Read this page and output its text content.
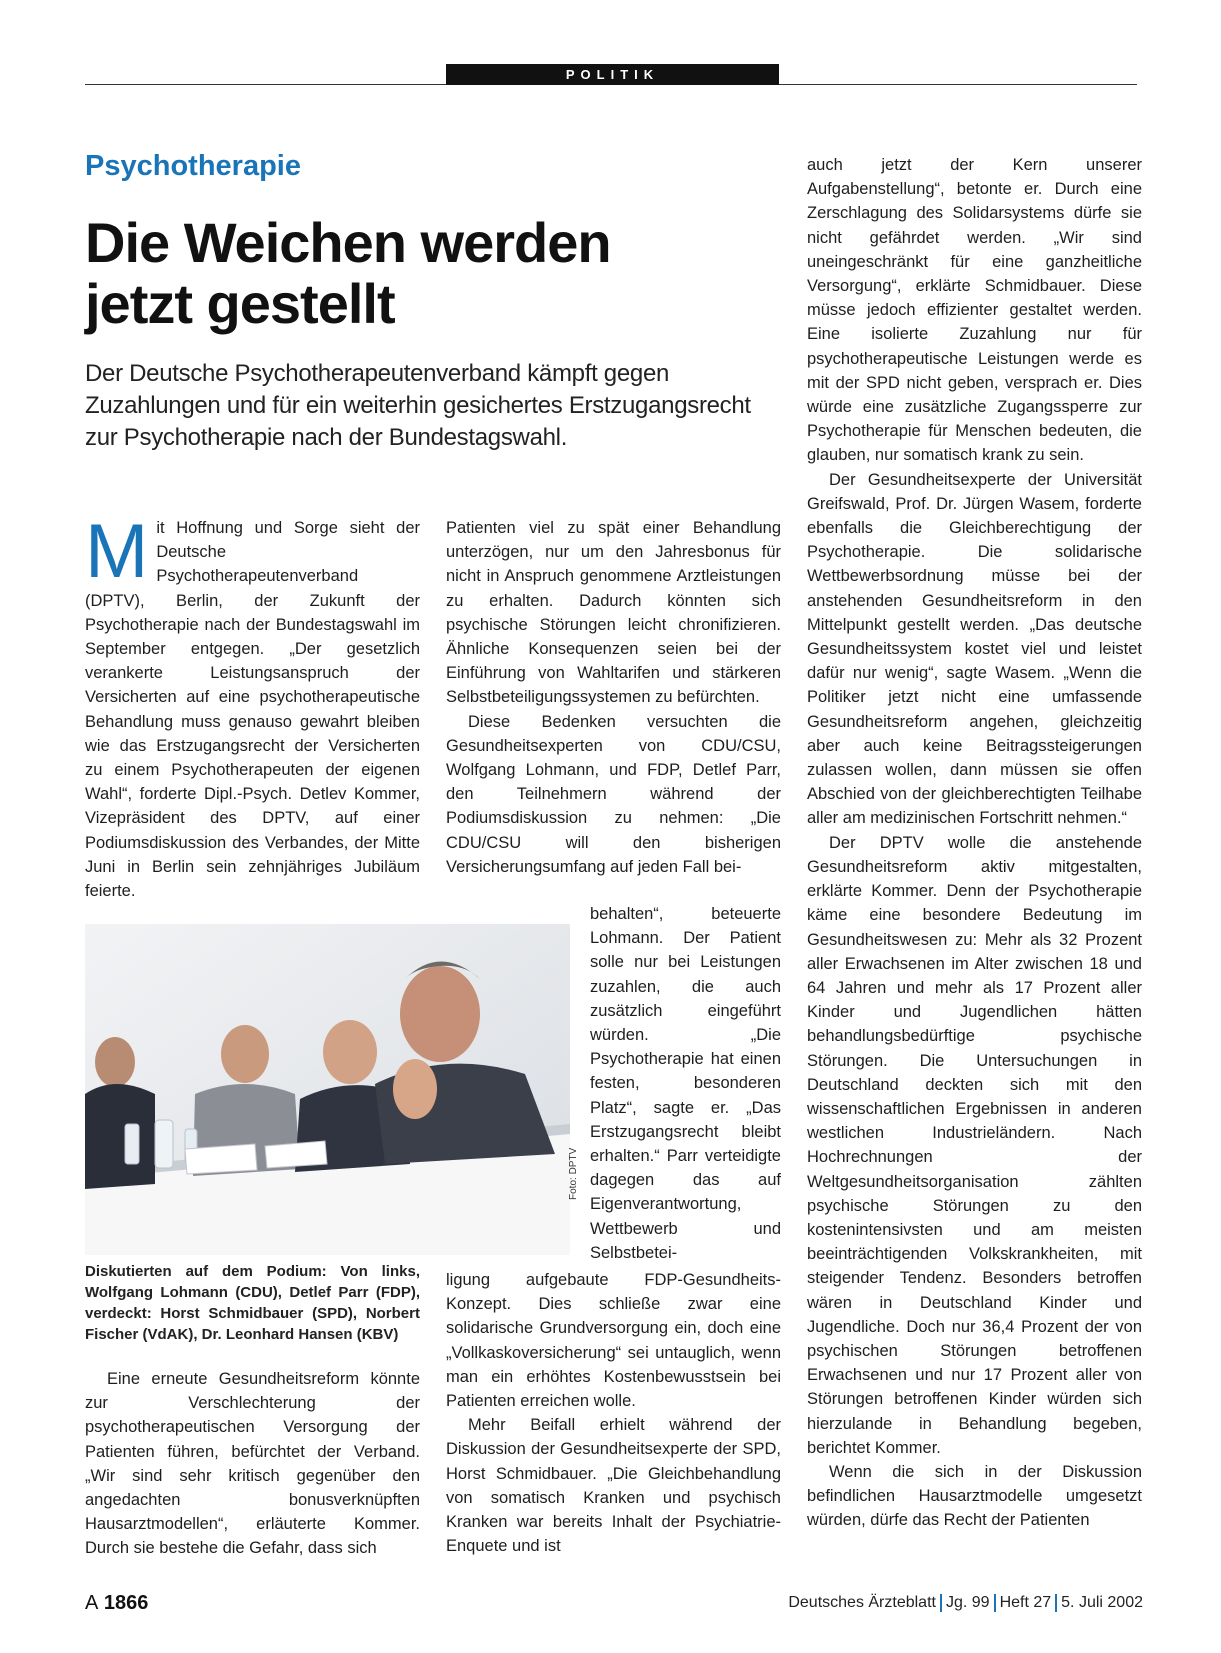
POLITIK
Psychotherapie
Die Weichen werden
jetzt gestellt
Der Deutsche Psychotherapeutenverband kämpft gegen Zuzahlungen und für ein weiterhin gesichertes Erstzugangsrecht zur Psychotherapie nach der Bundestagswahl.
M it Hoffnung und Sorge sieht der Deutsche Psychotherapeutenverband (DPTV), Berlin, der Zukunft der Psychotherapie nach der Bundestagswahl im September entgegen. „Der gesetzlich verankerte Leistungsanspruch der Versicherten auf eine psychotherapeutische Behandlung muss genauso gewahrt bleiben wie das Erstzugangsrecht der Versicherten zu einem Psychotherapeuten der eigenen Wahl“, forderte Dipl.-Psych. Detlev Kommer, Vizepräsident des DPTV, auf einer Podiumsdiskussion des Verbandes, der Mitte Juni in Berlin sein zehnjähriges Jubiläum feierte.

Foto: DPTV
Diskutierten auf dem Podium: Von links, Wolfgang Lohmann (CDU), Detlef Parr (FDP), verdeckt: Horst Schmidbauer (SPD), Norbert Fischer (VdAK), Dr. Leonhard Hansen (KBV)

Eine erneute Gesundheitsreform könnte zur Verschlechterung der psychotherapeutischen Versorgung der Patienten führen, befürchtet der Verband. „Wir sind sehr kritisch gegenüber den angedachten bonusverknüpften Hausarztmodellen“, erläuterte Kommer. Durch sie bestehe die Gefahr, dass sich

Patienten viel zu spät einer Behandlung unterzögen, nur um den Jahresbonus für nicht in Anspruch genommene Arztleistungen zu erhalten. Dadurch könnten sich psychische Störungen leicht chronifizieren. Ähnliche Konsequenzen seien bei der Einführung von Wahltarifen und stärkeren Selbstbeteiligungssystemen zu befürchten.

Diese Bedenken versuchten die Gesundheitsexperten von CDU/CSU, Wolfgang Lohmann, und FDP, Detlef Parr, den Teilnehmern während der Podiumsdiskussion zu nehmen: „Die CDU/CSU will den bisherigen Versicherungsumfang auf jeden Fall bei-

behalten“, beteuerte Lohmann. Der Patient solle nur bei Leistungen zuzahlen, die auch zusätzlich eingeführt würden. „Die Psychotherapie hat einen festen, besonderen Platz“, sagte er. „Das Erstzugangsrecht bleibt erhalten.“ Parr verteidigte dagegen das auf Eigenverantwortung, Wettbewerb und Selbstbetei-

ligung aufgebaute FDP-Gesundheits-Konzept. Dies schließe zwar eine solidarische Grundversorgung ein, doch eine „Vollkaskoversicherung“ sei untauglich, wenn man ein erhöhtes Kostenbewusstsein bei Patienten erreichen wolle.

Mehr Beifall erhielt während der Diskussion der Gesundheitsexperte der SPD, Horst Schmidbauer. „Die Gleichbehandlung von somatisch Kranken und psychisch Kranken war bereits Inhalt der Psychiatrie-Enquete und ist

auch jetzt der Kern unserer Aufgabenstellung“, betonte er. Durch eine Zerschlagung des Solidarsystems dürfe sie nicht gefährdet werden. „Wir sind uneingeschränkt für eine ganzheitliche Versorgung“, erklärte Schmidbauer. Diese müsse jedoch effizienter gestaltet werden. Eine isolierte Zuzahlung nur für psychotherapeutische Leistungen werde es mit der SPD nicht geben, versprach er. Dies würde eine zusätzliche Zugangssperre zur Psychotherapie für Menschen bedeuten, die glauben, nur somatisch krank zu sein.

Der Gesundheitsexperte der Universität Greifswald, Prof. Dr. Jürgen Wasem, forderte ebenfalls die Gleichberechtigung der Psychotherapie. Die solidarische Wettbewerbsordnung müsse bei der anstehenden Gesundheitsreform in den Mittelpunkt gestellt werden. „Das deutsche Gesundheitssystem kostet viel und leistet dafür nur wenig“, sagte Wasem. „Wenn die Politiker jetzt nicht eine umfassende Gesundheitsreform angehen, gleichzeitig aber auch keine Beitragssteigerungen zulassen wollen, dann müssen sie offen Abschied von der gleichberechtigten Teilhabe aller am medizinischen Fortschritt nehmen.“

Der DPTV wolle die anstehende Gesundheitsreform aktiv mitgestalten, erklärte Kommer. Denn der Psychotherapie käme eine besondere Bedeutung im Gesundheitswesen zu: Mehr als 32 Prozent aller Erwachsenen im Alter zwischen 18 und 64 Jahren und mehr als 17 Prozent aller Kinder und Jugendlichen hätten behandlungsbedürftige psychische Störungen. Die Untersuchungen in Deutschland deckten sich mit den wissenschaftlichen Ergebnissen in anderen westlichen Industrieländern. Nach Hochrechnungen der Weltgesundheitsorganisation zählten psychische Störungen zu den kostenintensivsten und am meisten beeinträchtigenden Volkskrankheiten, mit steigender Tendenz. Besonders betroffen wären in Deutschland Kinder und Jugendliche. Doch nur 36,4 Prozent der von psychischen Störungen betroffenen Erwachsenen und nur 17 Prozent aller von Störungen betroffenen Kinder würden sich hierzulande in Behandlung begeben, berichtet Kommer.

Wenn die sich in der Diskussion befindlichen Hausarztmodelle umgesetzt würden, dürfe das Recht der Patienten

A 1866	Deutsches Ärzteblatt Jg. 99 Heft 27 5. Juli 2002
